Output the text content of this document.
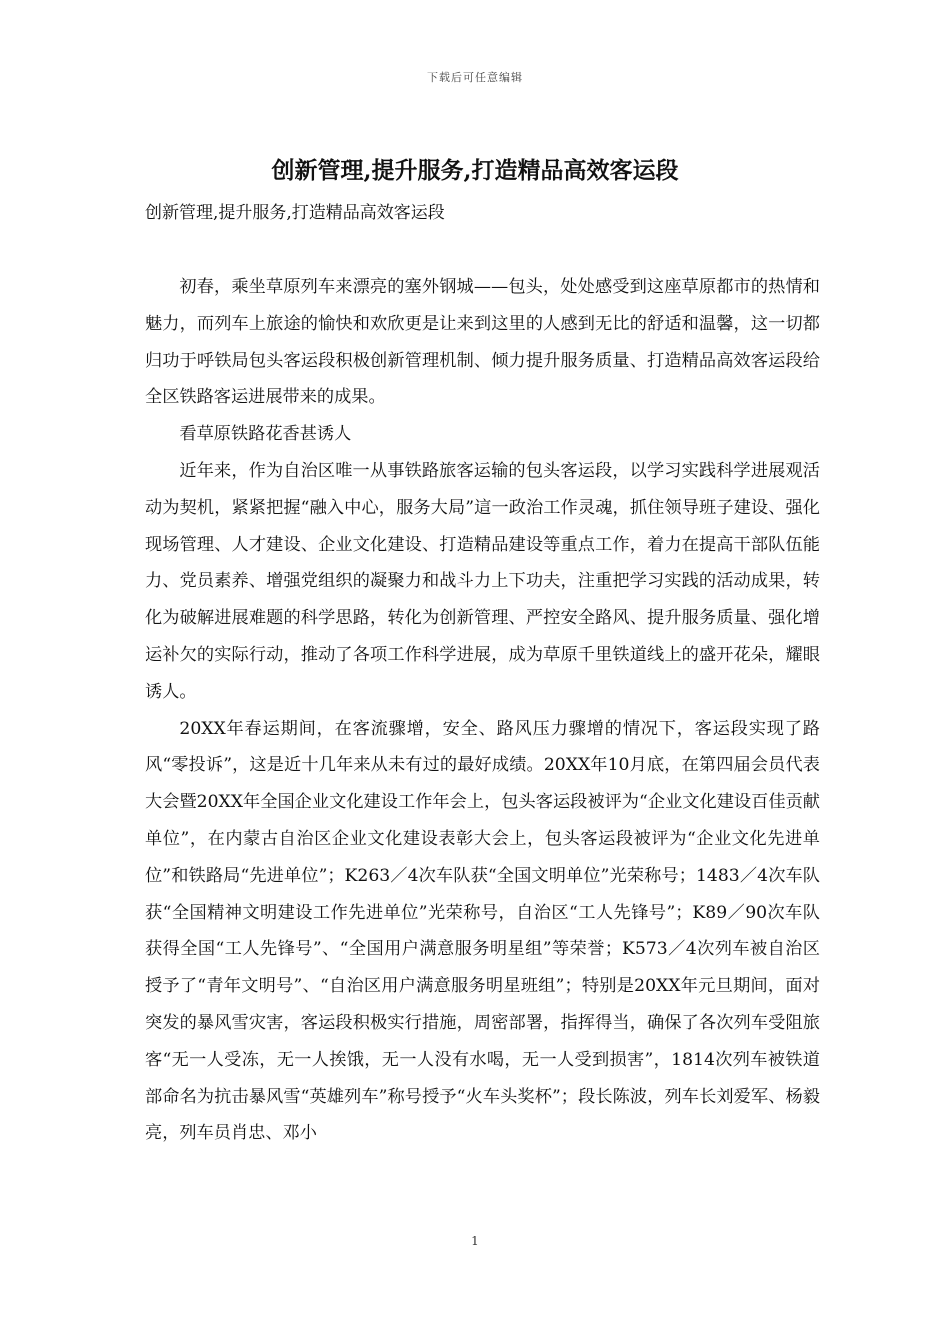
下载后可任意编辑
创新管理,提升服务,打造精品高效客运段

创新管理,提升服务,打造精品高效客运段

初春，乘坐草原列车来漂亮的塞外钢城——包头，处处感受到这座草原都市的热情和魅力，而列车上旅途的愉快和欢欣更是让来到这里的人感到无比的舒适和温馨，这一切都归功于呼铁局包头客运段积极创新管理机制、倾力提升服务质量、打造精品高效客运段给全区铁路客运进展带来的成果。

看草原铁路花香甚诱人

近年来，作为自治区唯一从事铁路旅客运输的包头客运段，以学习实践科学进展观活动为契机，紧紧把握“融入中心，服务大局”這一政治工作灵魂，抓住领导班子建设、强化现场管理、人才建设、企业文化建设、打造精品建设等重点工作，着力在提高干部队伍能力、党员素养、增强党组织的凝聚力和战斗力上下功夫，注重把学习实践的活动成果，转化为破解进展难题的科学思路，转化为创新管理、严控安全路风、提升服务质量、强化增运补欠的实际行动，推动了各项工作科学进展，成为草原千里铁道线上的盛开花朵，耀眼诱人。

20XX年春运期间，在客流骤增，安全、路风压力骤增的情况下，客运段实现了路风“零投诉”，这是近十几年来从未有过的最好成绩。20XX年10月底，在第四届会员代表大会暨20XX年全国企业文化建设工作年会上，包头客运段被评为“企业文化建设百佳贡献单位”，在内蒙古自治区企业文化建设表彰大会上，包头客运段被评为“企业文化先进单位”和铁路局“先进单位”；K263／4次车队获“全国文明单位”光荣称号；1483／4次车队获“全国精神文明建设工作先进单位”光荣称号，自治区“工人先锋号”；K89／90次车队获得全国“工人先锋号”、“全国用户满意服务明星组”等荣誉；K573／4次列车被自治区授予了“青年文明号”、“自治区用户满意服务明星班组”；特别是20XX年元旦期间，面对突发的暴风雪灾害，客运段积极实行措施，周密部署，指挥得当，确保了各次列车受阻旅客“无一人受冻，无一人挨饿，无一人没有水喝，无一人受到损害”，1814次列车被铁道部命名为抗击暴风雪“英雄列车”称号授予“火车头奖杯”；段长陈波，列车长刘爱军、杨毅亮，列车员肖忠、邓小

1
